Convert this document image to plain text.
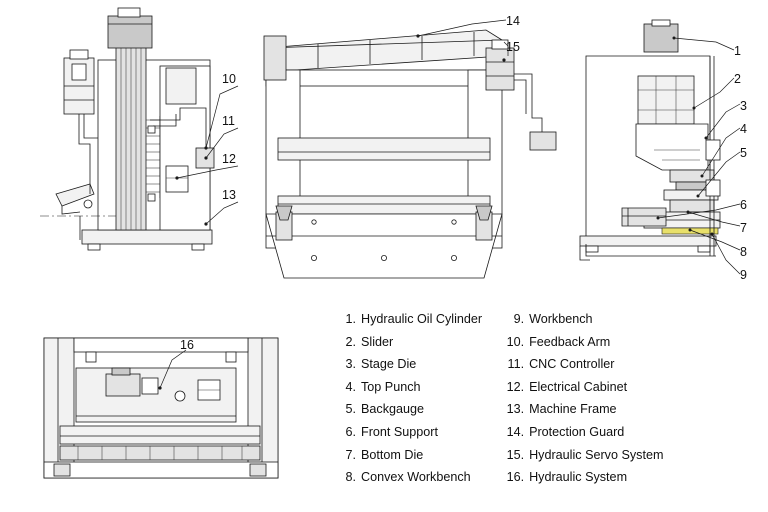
10
11
12
13
14
15	1
2
3
4
5
6
7
8
9
16
1. Hydraulic Oil Cylinder
2. Slider
3. Stage Die
4. Top Punch
5. Backgauge
6. Front Support
7. Bottom Die
8. Convex Workbench
9. Workbench
10. Feedback Arm
11. CNC Controller
12. Electrical Cabinet
13. Machine Frame
14. Protection Guard
15. Hydraulic Servo System
16. Hydraulic System
